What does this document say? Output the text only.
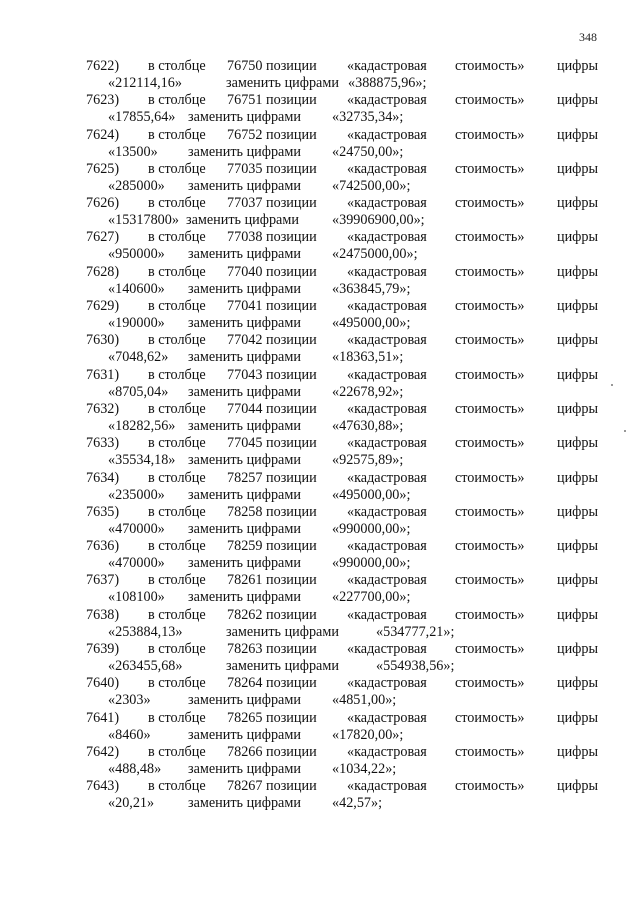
348
7622) в столбце 76750 позиции «кадастровая стоимость» цифры
«212114,16»	заменить цифрами «388875,96»;
7623) в столбце 76751 позиции «кадастровая стоимость» цифры
«17855,64» заменить цифрами «32735,34»;
7624) в столбце 76752 позиции «кадастровая стоимость» цифры
«13500» заменить цифрами «24750,00»;
7625) в столбце 77035 позиции «кадастровая стоимость» цифры
«285000» заменить цифрами «742500,00»;
7626) в столбце 77037 позиции «кадастровая стоимость» цифры
«15317800» заменить цифрами «39906900,00»;
7627) в столбце 77038 позиции «кадастровая стоимость» цифры
«950000» заменить цифрами «2475000,00»;
7628) в столбце 77040 позиции «кадастровая стоимость» цифры
«140600» заменить цифрами «363845,79»;
7629) в столбце 77041 позиции «кадастровая стоимость» цифры
«190000» заменить цифрами «495000,00»;
7630) в столбце 77042 позиции «кадастровая стоимость» цифры
«7048,62» заменить цифрами «18363,51»;
7631) в столбце 77043 позиции «кадастровая стоимость» цифры
«8705,04» заменить цифрами «22678,92»;
7632) в столбце 77044 позиции «кадастровая стоимость» цифры
«18282,56» заменить цифрами «47630,88»;
7633) в столбце 77045 позиции «кадастровая стоимость» цифры
«35534,18» заменить цифрами «92575,89»;
7634) в столбце 78257 позиции «кадастровая стоимость» цифры
«235000» заменить цифрами «495000,00»;
7635) в столбце 78258 позиции «кадастровая стоимость» цифры
«470000» заменить цифрами «990000,00»;
7636) в столбце 78259 позиции «кадастровая стоимость» цифры
«470000» заменить цифрами «990000,00»;
7637) в столбце 78261 позиции «кадастровая стоимость» цифры
«108100» заменить цифрами «227700,00»;
7638) в столбце 78262 позиции «кадастровая стоимость» цифры
«253884,13»	заменить цифрами	«534777,21»;
7639) в столбце 78263 позиции «кадастровая стоимость» цифры
«263455,68»	заменить цифрами	«554938,56»;
7640) в столбце 78264 позиции «кадастровая стоимость» цифры
«2303»	заменить цифрами «4851,00»;
7641) в столбце 78265 позиции «кадастровая стоимость» цифры
«8460»	заменить цифрами «17820,00»;
7642) в столбце 78266 позиции «кадастровая стоимость» цифры
«488,48» заменить цифрами «1034,22»;
7643) в столбце 78267 позиции «кадастровая стоимость» цифры
«20,21» заменить цифрами «42,57»;
